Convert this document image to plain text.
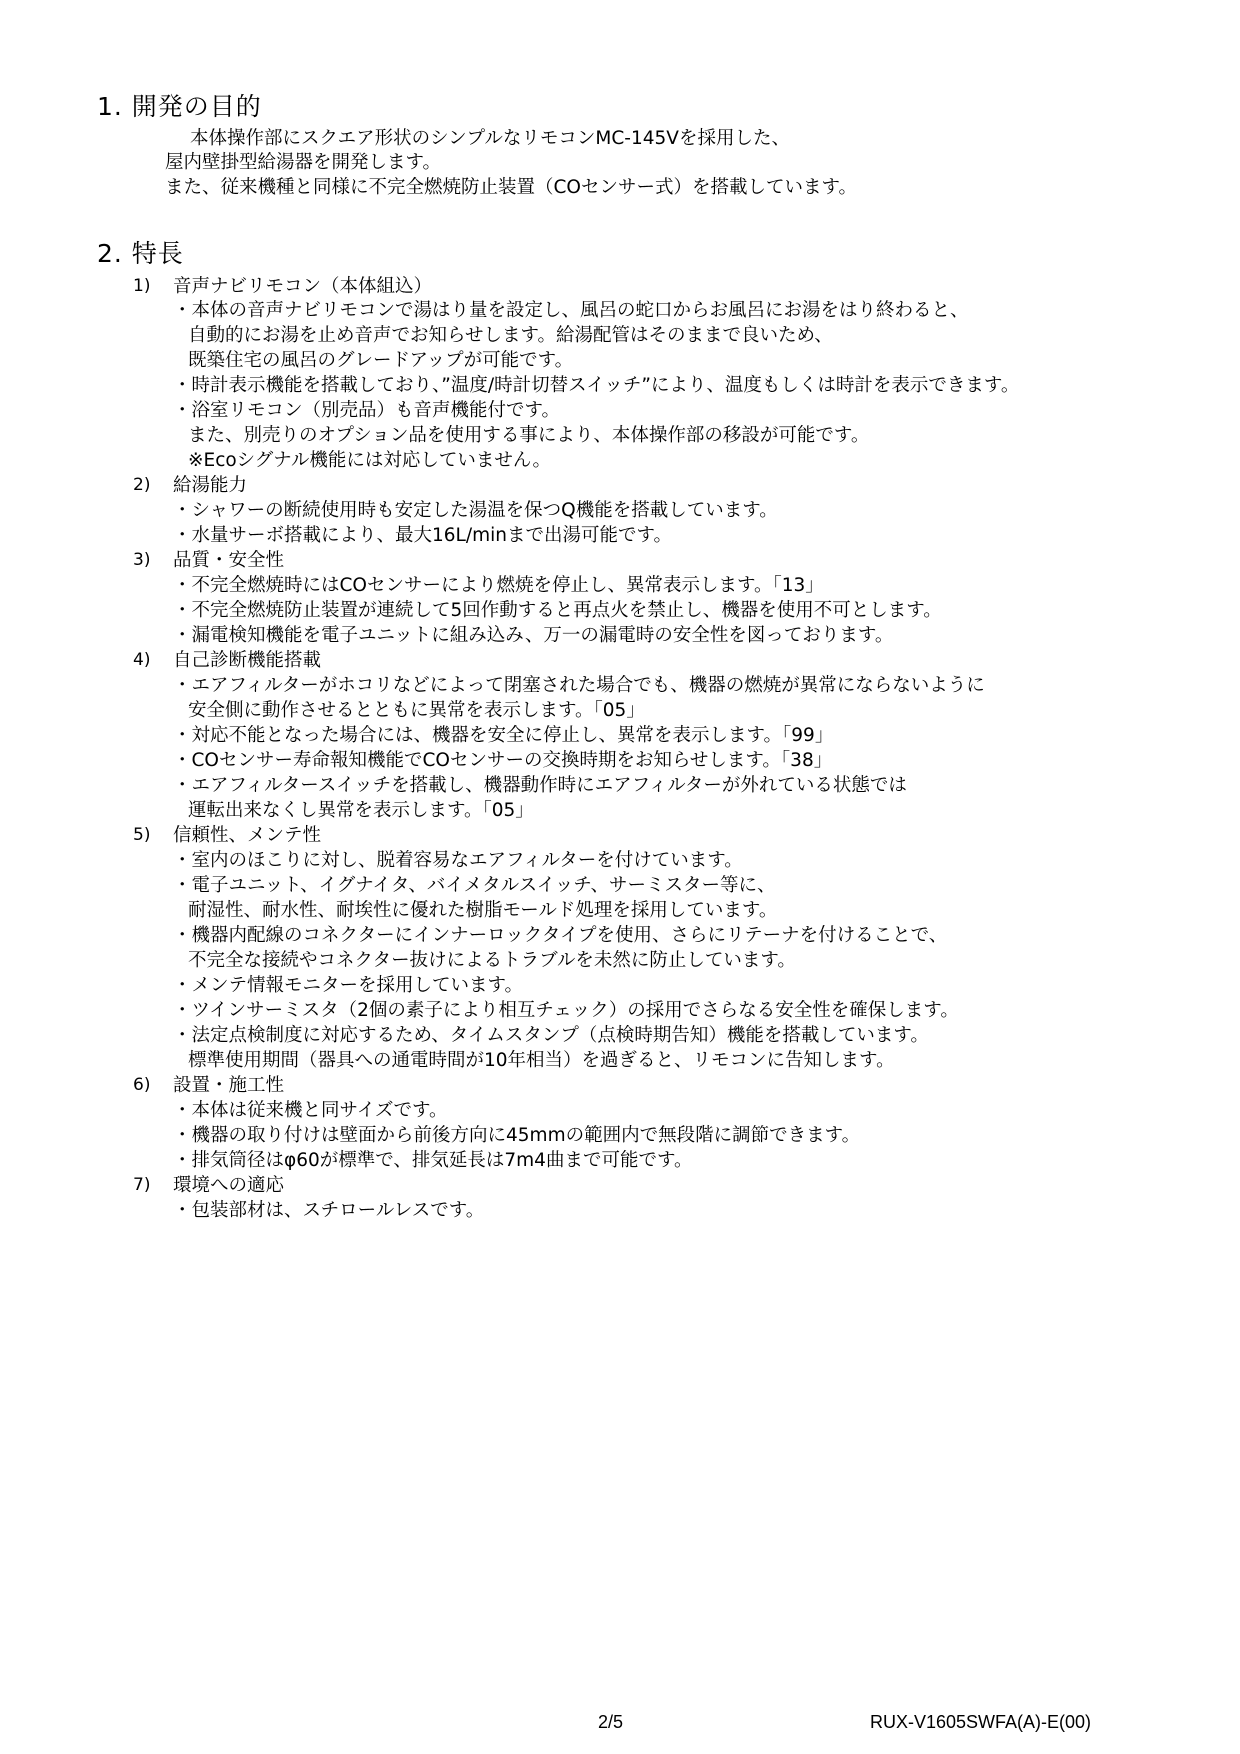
1. 開発の目的
本体操作部にスクエア形状のシンプルなリモコンMC-145Vを採用した、
屋内壁掛型給湯器を開発します。
また、従来機種と同様に不完全燃焼防止装置（COセンサー式）を搭載しています。
2. 特長
1) 音声ナビリモコン（本体組込）
・本体の音声ナビリモコンで湯はり量を設定し、風呂の蛇口からお風呂にお湯をはり終わると、
自動的にお湯を止め音声でお知らせします。給湯配管はそのままで良いため、
既築住宅の風呂のグレードアップが可能です。
・時計表示機能を搭載しており、”温度/時計切替スイッチ”により、温度もしくは時計を表示できます。
・浴室リモコン（別売品）も音声機能付です。
また、別売りのオプション品を使用する事により、本体操作部の移設が可能です。
※Ecoシグナル機能には対応していません。
2) 給湯能力
・シャワーの断続使用時も安定した湯温を保つQ機能を搭載しています。
・水量サーボ搭載により、最大16L/minまで出湯可能です。
3) 品質・安全性
・不完全燃焼時にはCOセンサーにより燃焼を停止し、異常表示します。「13」
・不完全燃焼防止装置が連続して5回作動すると再点火を禁止し、機器を使用不可とします。
・漏電検知機能を電子ユニットに組み込み、万一の漏電時の安全性を図っております。
4) 自己診断機能搭載
・エアフィルターがホコリなどによって閉塞された場合でも、機器の燃焼が異常にならないように
安全側に動作させるとともに異常を表示します。「05」
・対応不能となった場合には、機器を安全に停止し、異常を表示します。「99」
・COセンサー寿命報知機能でCOセンサーの交換時期をお知らせします。「38」
・エアフィルタースイッチを搭載し、機器動作時にエアフィルターが外れている状態では
運転出来なくし異常を表示します。「05」
5) 信頼性、メンテ性
・室内のほこりに対し、脱着容易なエアフィルターを付けています。
・電子ユニット、イグナイタ、バイメタルスイッチ、サーミスター等に、
耐湿性、耐水性、耐埃性に優れた樹脂モールド処理を採用しています。
・機器内配線のコネクターにインナーロックタイプを使用、さらにリテーナを付けることで、
不完全な接続やコネクター抜けによるトラブルを未然に防止しています。
・メンテ情報モニターを採用しています。
・ツインサーミスタ（2個の素子により相互チェック）の採用でさらなる安全性を確保します。
・法定点検制度に対応するため、タイムスタンプ（点検時期告知）機能を搭載しています。
標準使用期間（器具への通電時間が10年相当）を過ぎると、リモコンに告知します。
6) 設置・施工性
・本体は従来機と同サイズです。
・機器の取り付けは壁面から前後方向に45mmの範囲内で無段階に調節できます。
・排気筒径はφ60が標準で、排気延長は7m4曲まで可能です。
7) 環境への適応
・包装部材は、スチロールレスです。
2/5	RUX-V1605SWFA(A)-E(00)
